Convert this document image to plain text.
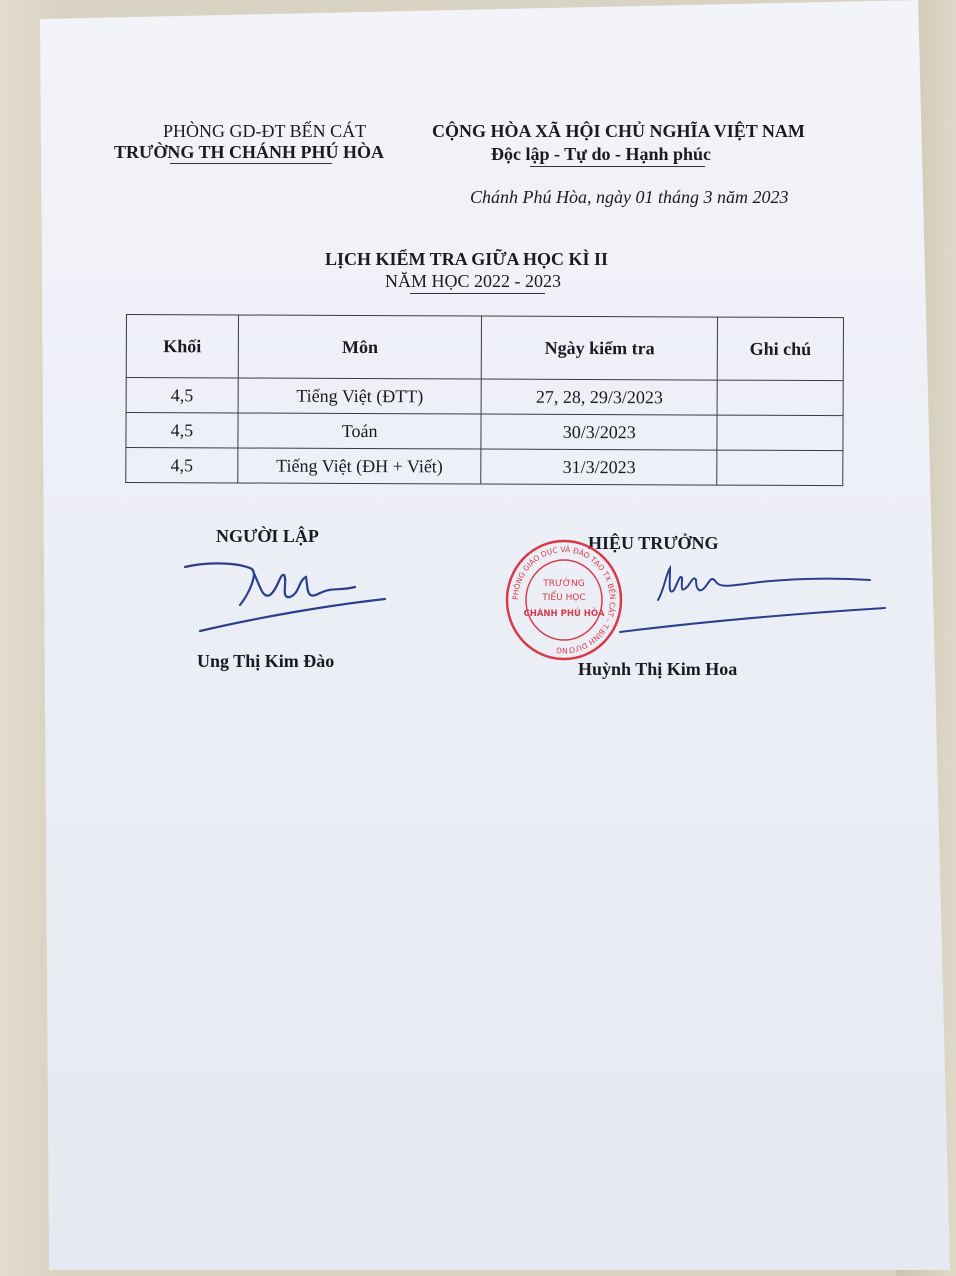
PHÒNG GD-ĐT BẾN CÁT
TRƯỜNG TH CHÁNH PHÚ HÒA
CỘNG HÒA XÃ HỘI CHỦ NGHĨA VIỆT NAM
Độc lập - Tự do - Hạnh phúc
Chánh Phú Hòa, ngày 01 tháng 3 năm 2023
LỊCH KIỂM TRA GIỮA HỌC KÌ II
NĂM HỌC 2022 - 2023
Khối	Môn	Ngày kiểm tra	Ghi chú
4,5	Tiếng Việt (ĐTT)	27, 28, 29/3/2023	
4,5	Toán	30/3/2023	
4,5	Tiếng Việt (ĐH + Viết)	31/3/2023	
NGƯỜI LẬP
Ung Thị Kim Đào
HIỆU TRƯỞNG
PHÒNG GIÁO DỤC VÀ ĐÀO TẠO TX BẾN CÁT - T.BÌNH DƯƠNG
TRƯỜNG
TIỂU HỌC
CHÁNH PHÚ HÒA
Huỳnh Thị Kim Hoa
